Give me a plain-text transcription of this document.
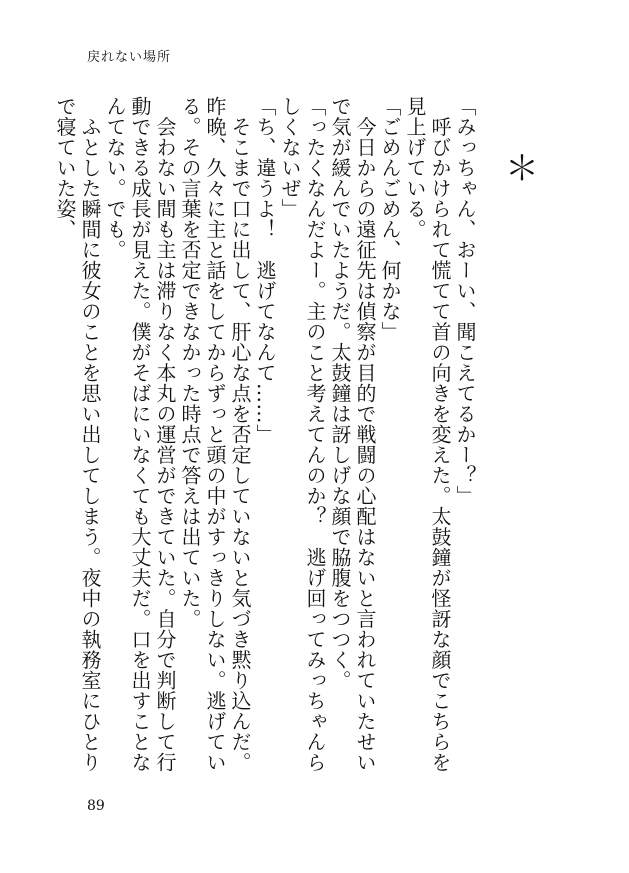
戻れない場所
＊

「みっちゃん、おーい、聞こえてるかー？」

　呼びかけられて慌てて首の向きを変えた。太鼓鐘が怪訝な顔でこちらを見上げている。

「ごめんごめん、何かな」

　今日からの遠征先は偵察が目的で戦闘の心配はないと言われていたせいで気が緩んでいたようだ。太鼓鐘は訝しげな顔で脇腹をつつく。

「ったくなんだよー。主のこと考えてんのか？　逃げ回ってみっちゃんらしくないぜ」

「ち、違うよ！　逃げてなんて……」

　そこまで口に出して、肝心な点を否定していないと気づき黙り込んだ。昨晩、久々に主と話をしてからずっと頭の中がすっきりしない。逃げている。その言葉を否定できなかった時点で答えは出ていた。

　会わない間も主は滞りなく本丸の運営ができていた。自分で判断して行動できる成長が見えた。僕がそばにいなくても大丈夫だ。口を出すことなんてない。でも。

　ふとした瞬間に彼女のことを思い出してしまう。夜中の執務室にひとりで寝ていた姿、

89
